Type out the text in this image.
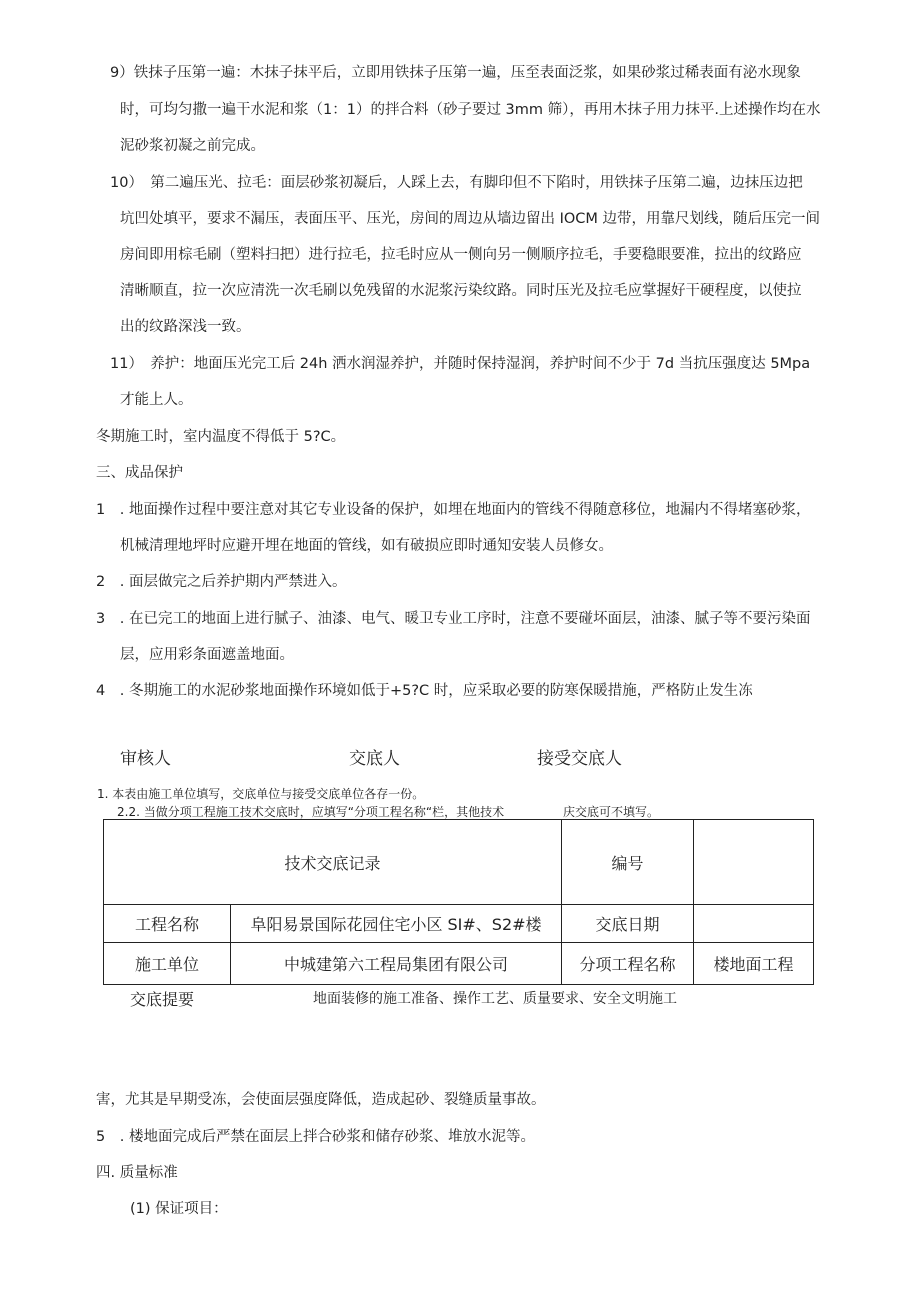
9）铁抹子压第一遍：木抹子抹平后，立即用铁抹子压第一遍，压至表面泛浆，如果砂浆过稀表面有泌水现象
时，可均匀撒一遍干水泥和浆（1：1）的拌合料（砂子要过 3mm 筛），再用木抹子用力抹平.上述操作均在水
泥砂浆初凝之前完成。
10）　第二遍压光、拉毛：面层砂浆初凝后，人踩上去，有脚印但不下陷时，用铁抹子压第二遍，边抹压边把
坑凹处填平，要求不漏压，表面压平、压光，房间的周边从墙边留出 IOCM 边带，用靠尺划线，随后压完一间
房间即用棕毛刷（塑料扫把）进行拉毛，拉毛时应从一侧向另一侧顺序拉毛，手要稳眼要准，拉出的纹路应
清晰顺直，拉一次应清洗一次毛刷以免残留的水泥浆污染纹路。同时压光及拉毛应掌握好干硬程度，以使拉
出的纹路深浅一致。
11）　养护：地面压光完工后 24h 洒水润湿养护，并随时保持湿润，养护时间不少于 7d 当抗压强度达 5Mpa
才能上人。
冬期施工时，室内温度不得低于 5?C。
三、成品保护
1　. 地面操作过程中要注意对其它专业设备的保护，如埋在地面内的管线不得随意移位，地漏内不得堵塞砂浆，
机械清理地坪时应避开埋在地面的管线，如有破损应即时通知安装人员修女。
2　. 面层做完之后养护期内严禁进入。
3　. 在已完工的地面上进行腻子、油漆、电气、暖卫专业工序时，注意不要碰坏面层，油漆、腻子等不要污染面
层，应用彩条面遮盖地面。
4　. 冬期施工的水泥砂浆地面操作环境如低于+5?C 时，应采取必要的防寒保暖措施，严格防止发生冻
审核人	交底人	接受交底人
1. 本表由施工单位填写，交底单位与接受交底单位各存一份。
2.2. 当做分项工程施工技术交底时，应填写“分项工程名称“栏，其他技术	庆交底可不填写。
技术交底记录		编号	
工程名称	阜阳易景国际花园住宅小区 SI#、S2#楼	交底日期	
施工单位	中城建第六工程局集团有限公司	分项工程名称	楼地面工程
交底提要	地面装修的施工准备、操作工艺、质量要求、安全文明施工
害，尤其是早期受冻，会使面层强度降低，造成起砂、裂缝质量事故。
5　. 楼地面完成后严禁在面层上拌合砂浆和储存砂浆、堆放水泥等。
四. 质量标准
(1) 保证项目：
